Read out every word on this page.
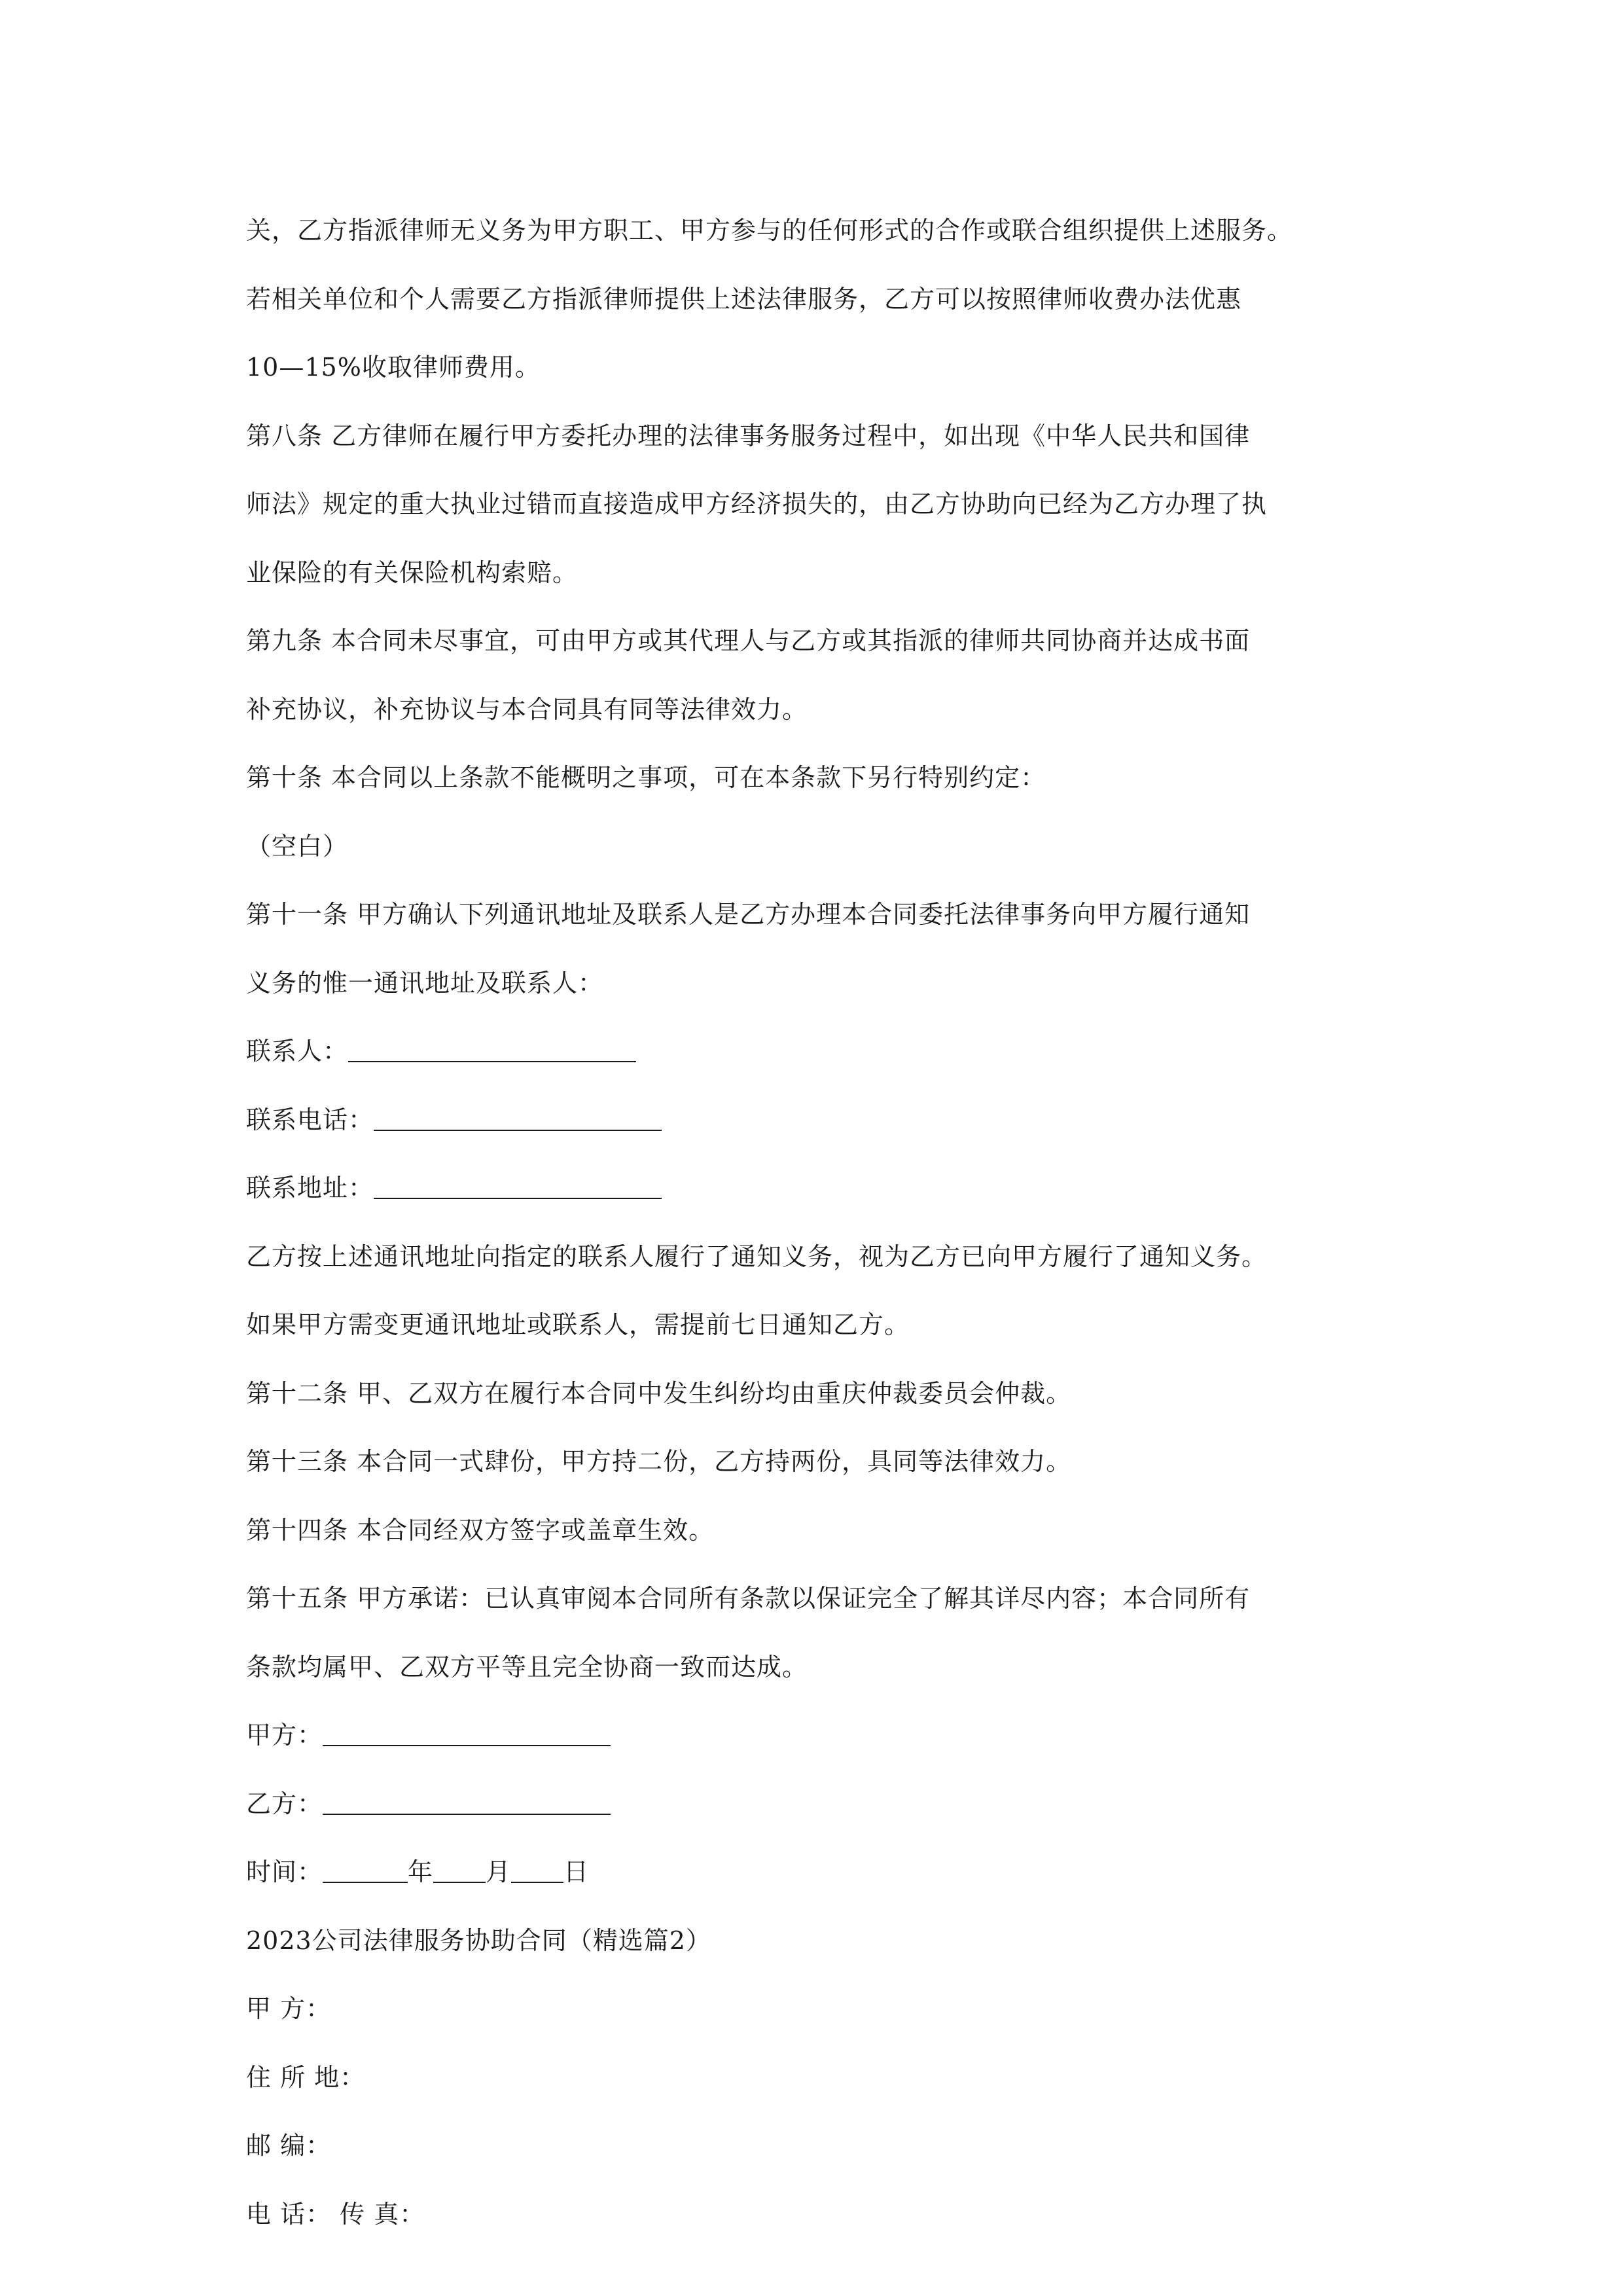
关，乙方指派律师无义务为甲方职工、甲方参与的任何形式的合作或联合组织提供上述服务。
若相关单位和个人需要乙方指派律师提供上述法律服务，乙方可以按照律师收费办法优惠
10—15%收取律师费用。
第八条 乙方律师在履行甲方委托办理的法律事务服务过程中，如出现《中华人民共和国律
师法》规定的重大执业过错而直接造成甲方经济损失的，由乙方协助向已经为乙方办理了执
业保险的有关保险机构索赔。
第九条 本合同未尽事宜，可由甲方或其代理人与乙方或其指派的律师共同协商并达成书面
补充协议，补充协议与本合同具有同等法律效力。
第十条 本合同以上条款不能概明之事项，可在本条款下另行特别约定：
（空白）
第十一条 甲方确认下列通讯地址及联系人是乙方办理本合同委托法律事务向甲方履行通知
义务的惟一通讯地址及联系人：
联系人：
联系电话：
联系地址：
乙方按上述通讯地址向指定的联系人履行了通知义务，视为乙方已向甲方履行了通知义务。
如果甲方需变更通讯地址或联系人，需提前七日通知乙方。
第十二条 甲、乙双方在履行本合同中发生纠纷均由重庆仲裁委员会仲裁。
第十三条 本合同一式肆份，甲方持二份，乙方持两份，具同等法律效力。
第十四条 本合同经双方签字或盖章生效。
第十五条 甲方承诺：已认真审阅本合同所有条款以保证完全了解其详尽内容；本合同所有
条款均属甲、乙双方平等且完全协商一致而达成。
甲方：
乙方：
时间：	年 月 日
2023公司法律服务协助合同（精选篇2）
甲 方：
住 所 地：
邮 编：
电 话： 传 真：
